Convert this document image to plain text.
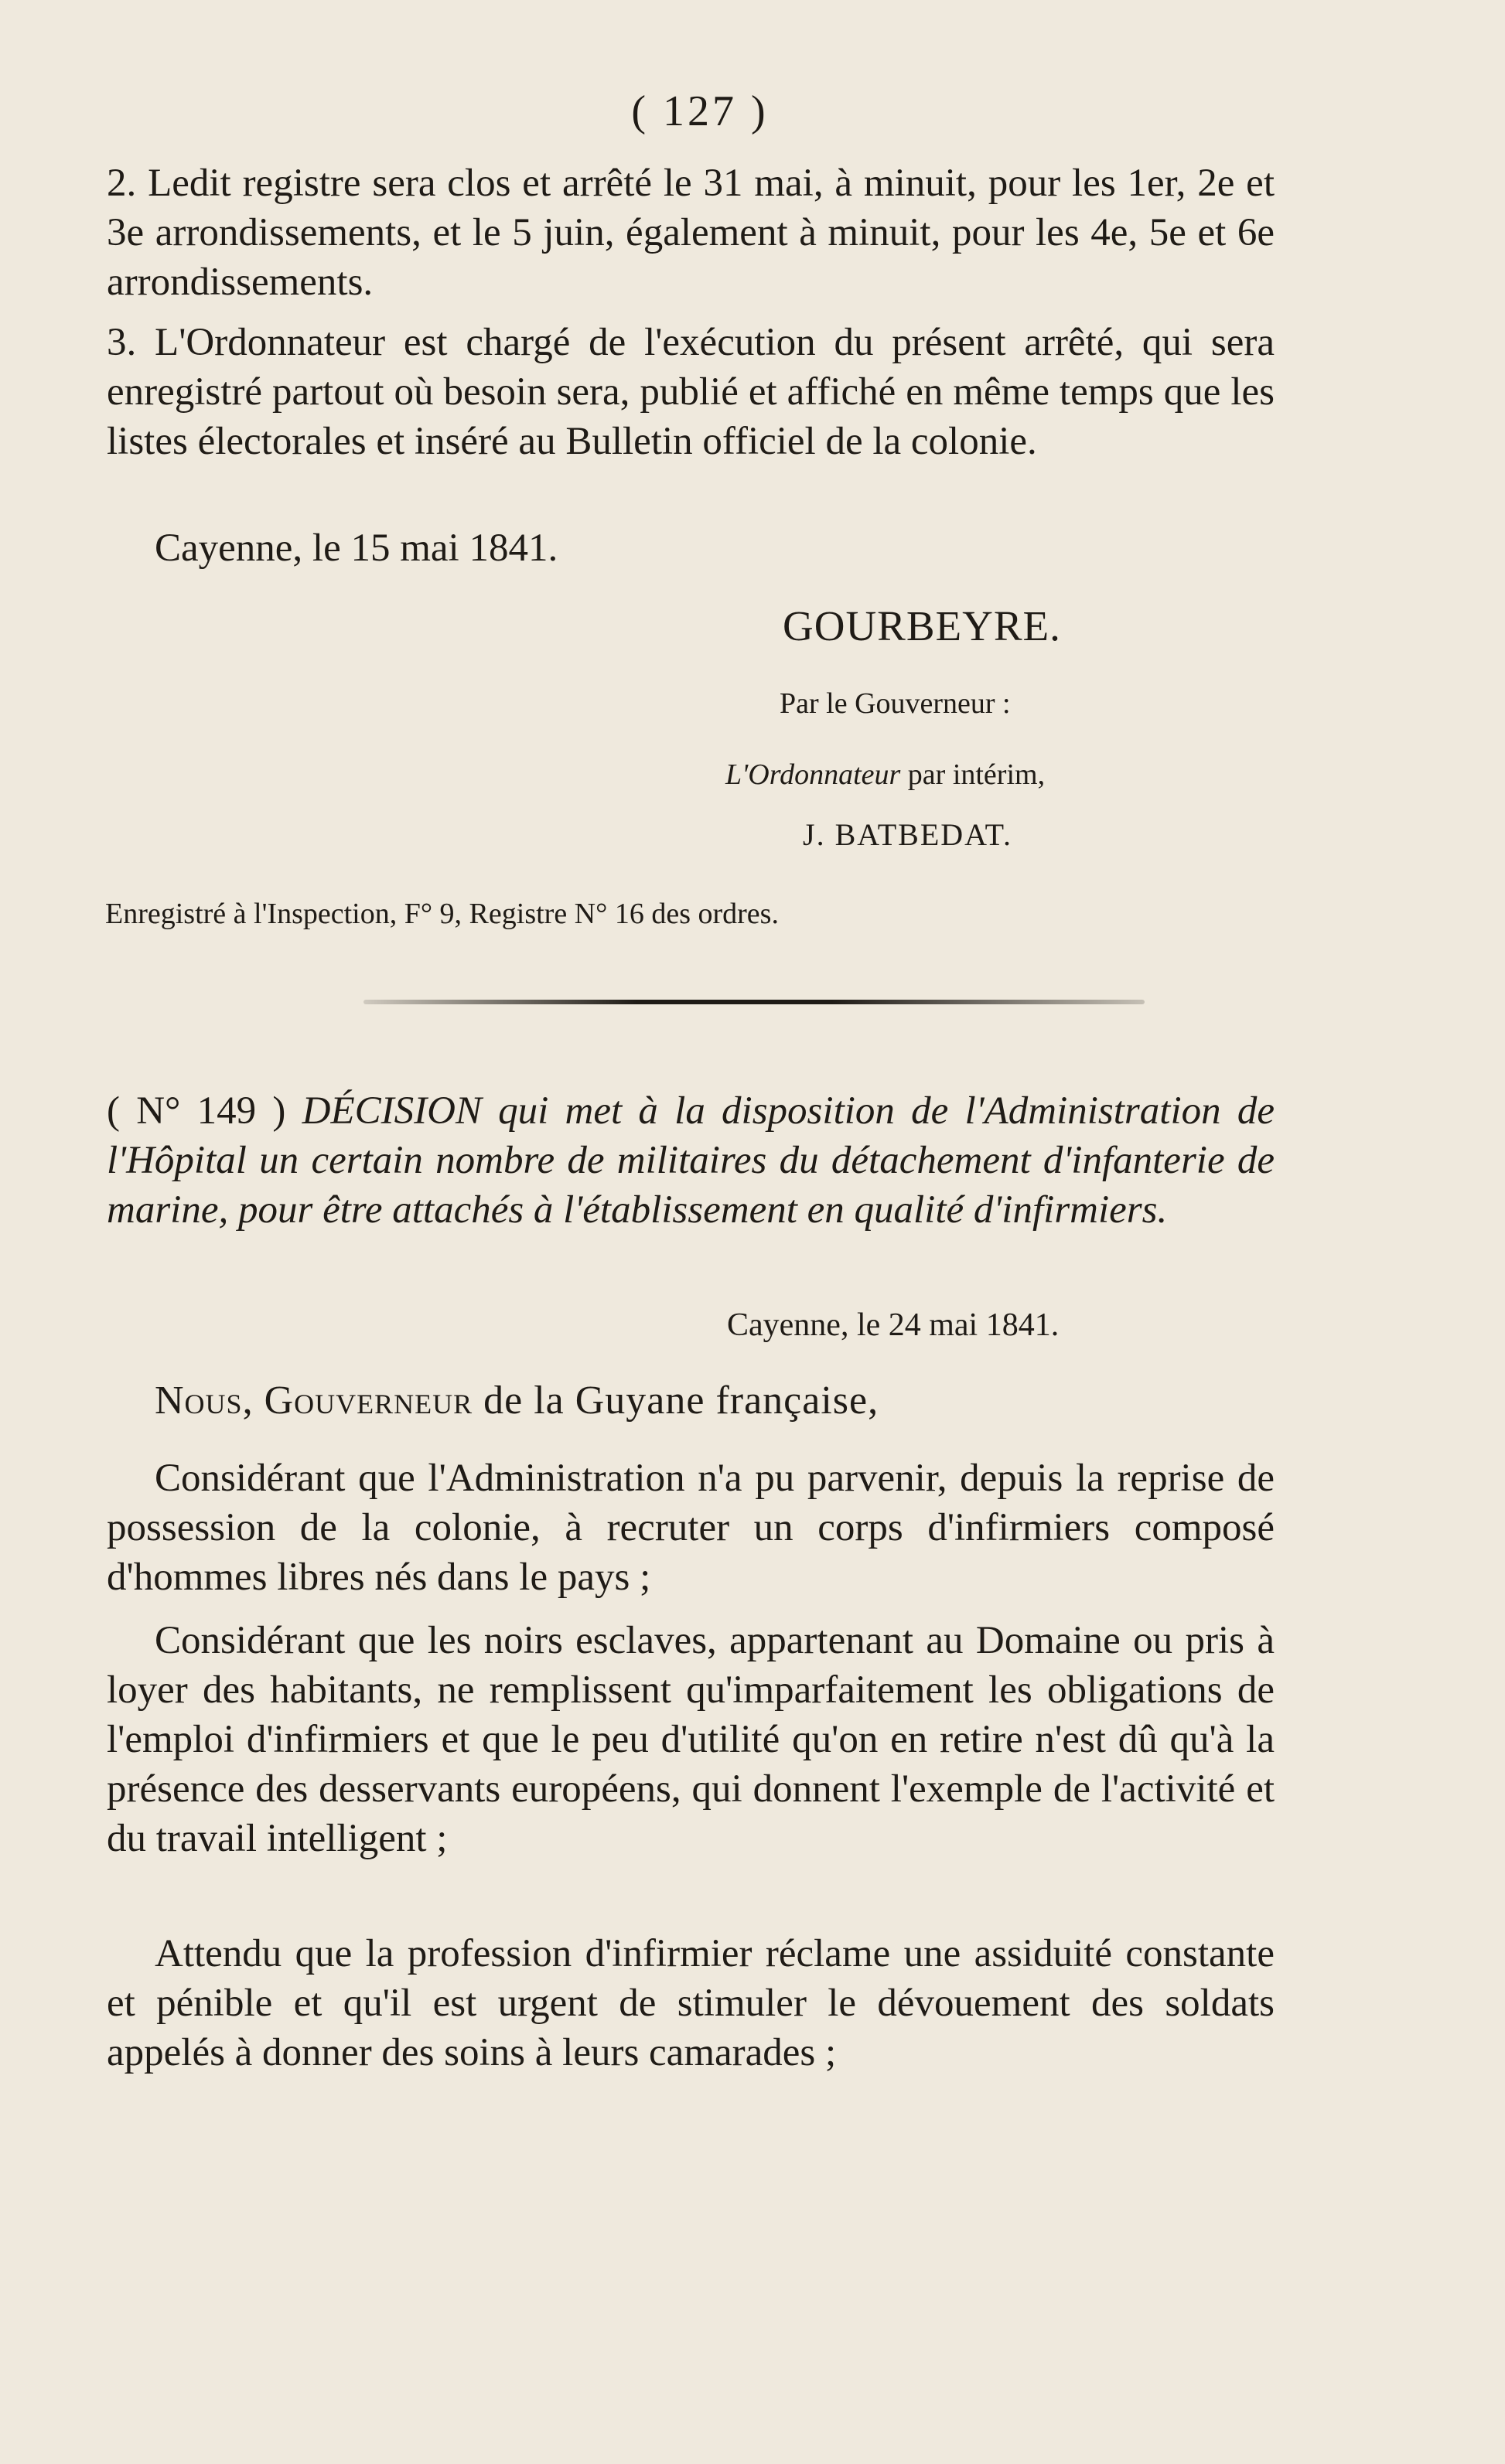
( 127 )

2. Ledit registre sera clos et arrêté le 31 mai, à minuit, pour les 1er, 2e et 3e arrondissements, et le 5 juin, également à minuit, pour les 4e, 5e et 6e arrondissements.

3. L'Ordonnateur est chargé de l'exécution du présent arrêté, qui sera enregistré partout où besoin sera, publié et affiché en même temps que les listes électorales et inséré au Bulletin officiel de la colonie.

Cayenne, le 15 mai 1841.
GOURBEYRE.
Par le Gouverneur :
L'Ordonnateur par intérim,
J. BATBEDAT.
Enregistré à l'Inspection, F° 9, Registre N° 16 des ordres.

( N° 149 ) DÉCISION qui met à la disposition de l'Administration de l'Hôpital un certain nombre de militaires du détachement d'infanterie de marine, pour être attachés à l'établissement en qualité d'infirmiers.

Cayenne, le 24 mai 1841.
Nous, Gouverneur de la Guyane française,

Considérant que l'Administration n'a pu parvenir, depuis la reprise de possession de la colonie, à recruter un corps d'infirmiers composé d'hommes libres nés dans le pays ;

Considérant que les noirs esclaves, appartenant au Domaine ou pris à loyer des habitants, ne remplissent qu'imparfaitement les obligations de l'emploi d'infirmiers et que le peu d'utilité qu'on en retire n'est dû qu'à la présence des desservants européens, qui donnent l'exemple de l'activité et du travail intelligent ;

Attendu que la profession d'infirmier réclame une assiduité constante et pénible et qu'il est urgent de stimuler le dévouement des soldats appelés à donner des soins à leurs camarades ;
